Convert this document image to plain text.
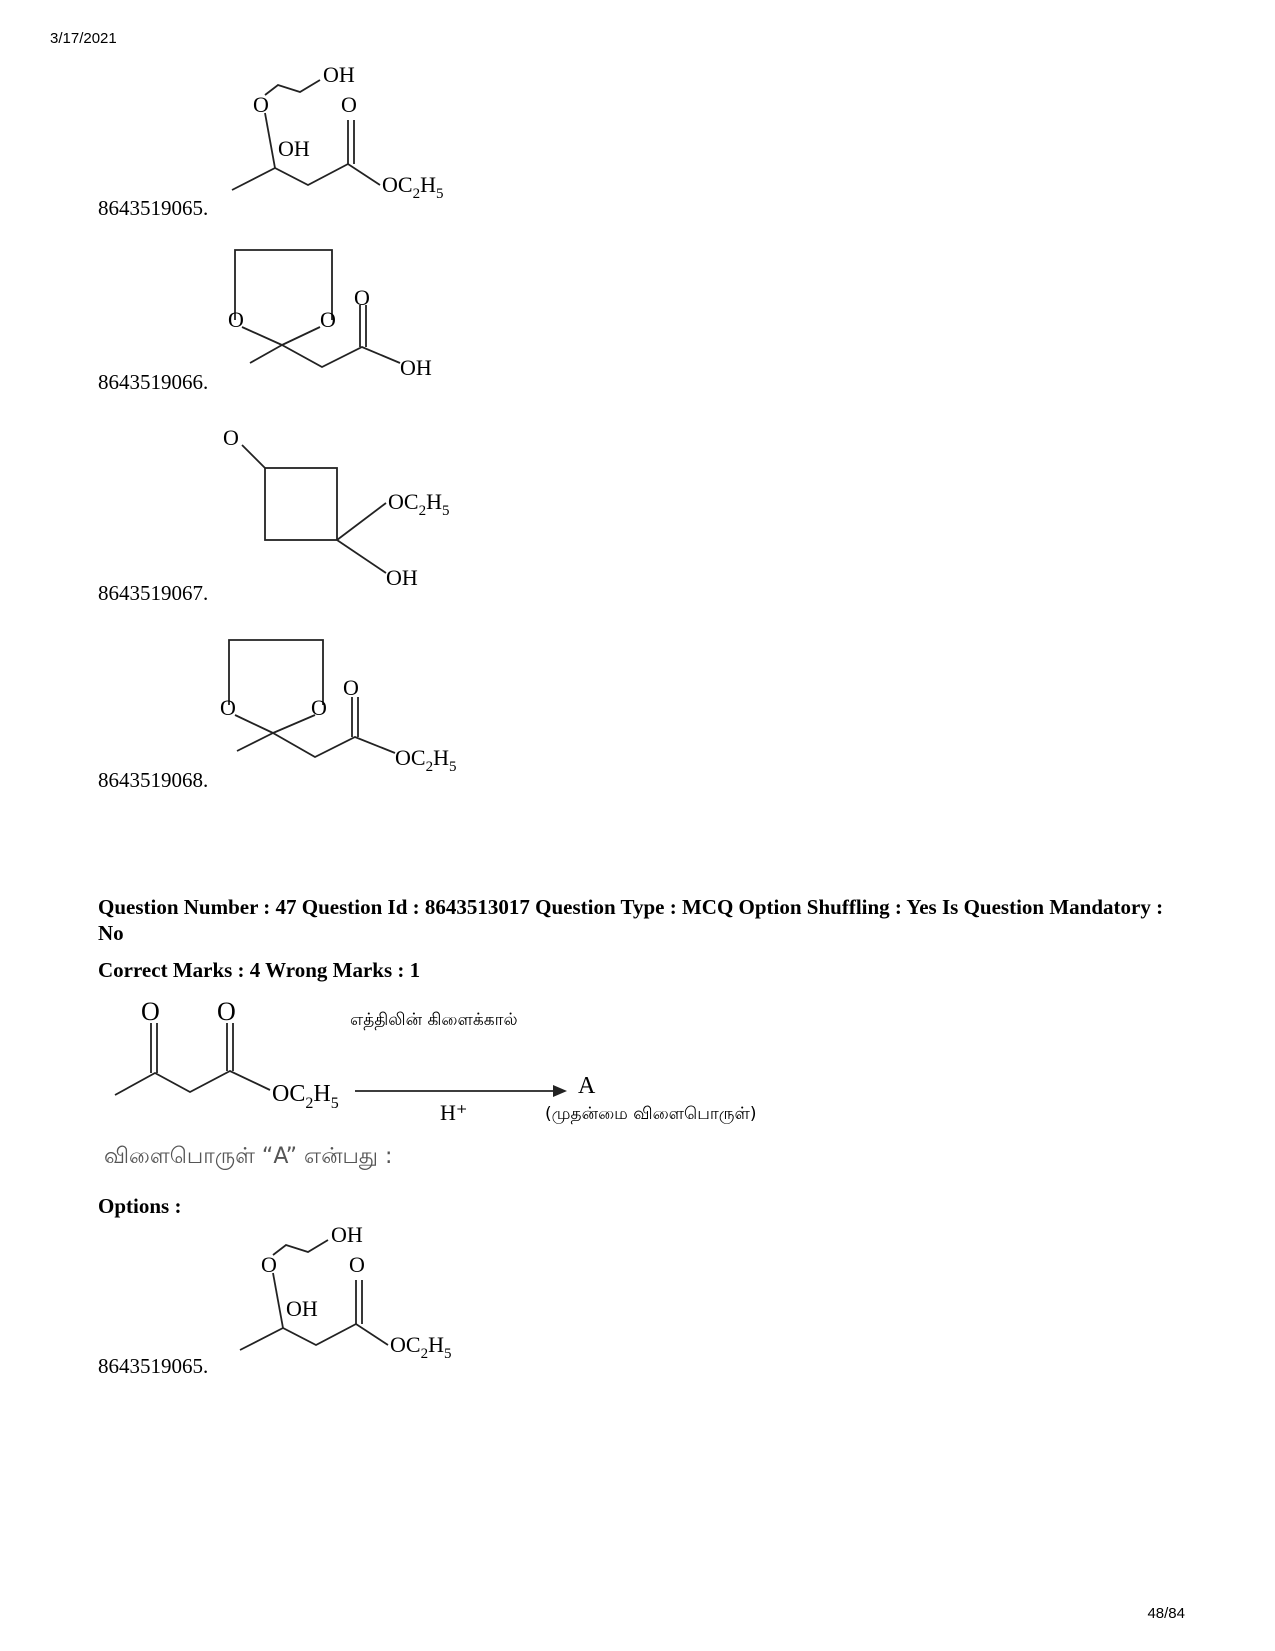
3/17/2021
48/84
8643519065.
O
OH
O
OH
$OC_2H_5$
8643519066.
O	O
O
OH
8643519067.
O
$OC_2H_5$
OH
8643519068.
O	O
O
$OC_2H_5$
Question Number : 47 Question Id : 8643513017 Question Type : MCQ Option Shuffling : Yes Is Question Mandatory : No
Correct Marks : 4 Wrong Marks : 1
O O
$OC_2H_5$
எத்திலின் கிளைக்கால்
H⁺
A
(முதன்மை விளைபொருள்)
விளைபொருள் “A” என்பது :
Options :
8643519065.
O
OH
O
OH
$OC_2H_5$
